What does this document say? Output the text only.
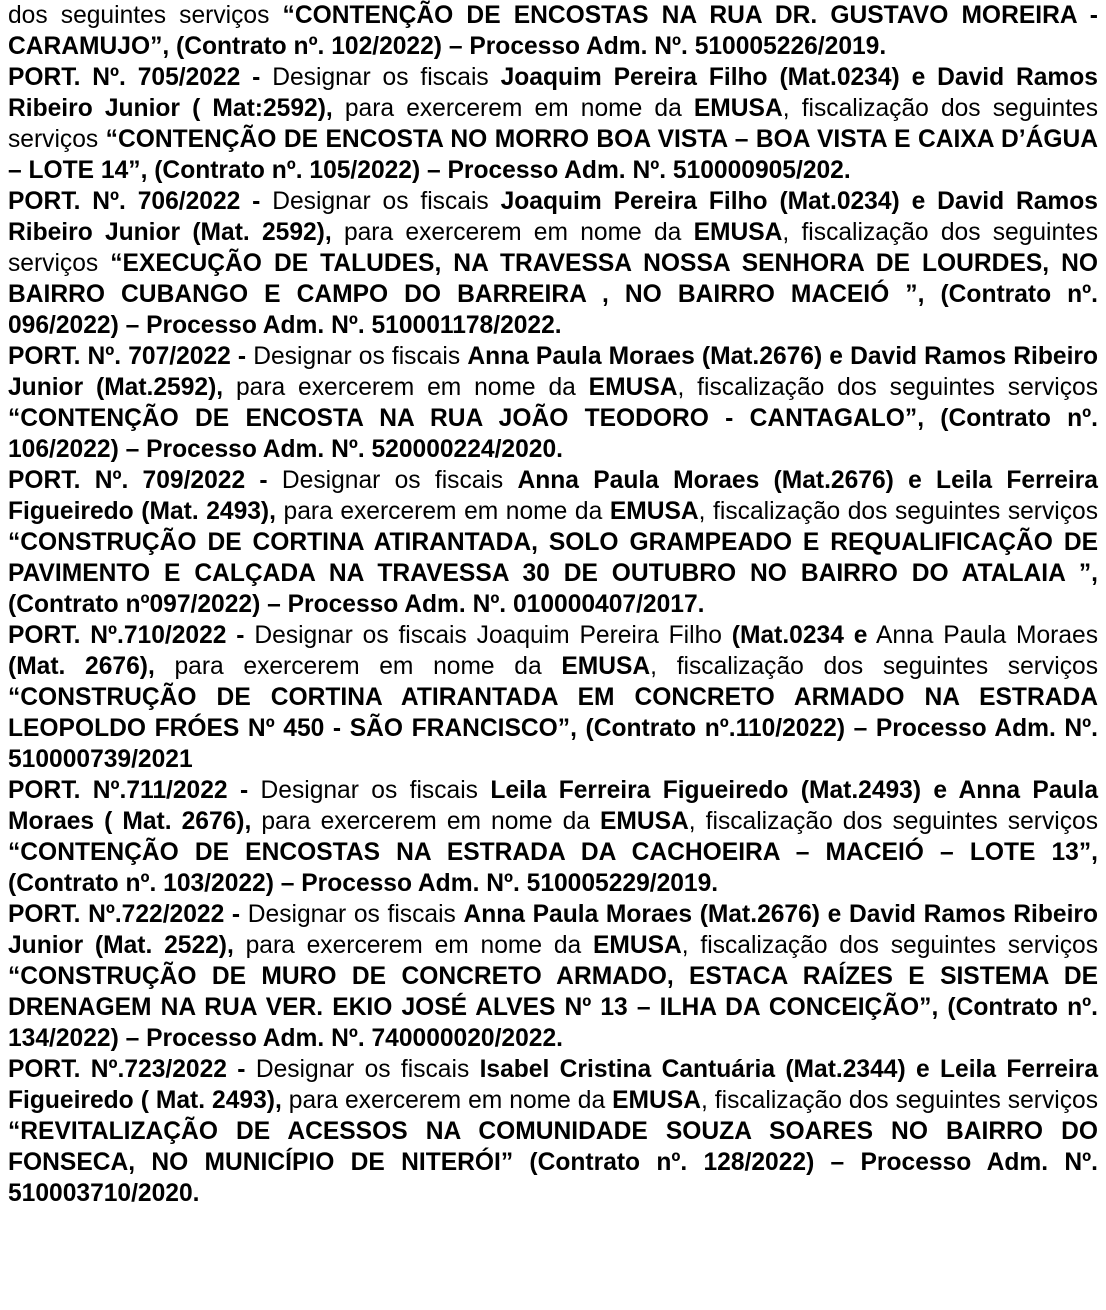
dos seguintes serviços “CONTENÇÃO DE ENCOSTAS NA RUA DR. GUSTAVO MOREIRA - CARAMUJO”, (Contrato nº. 102/2022) – Processo Adm. Nº. 510005226/2019.

PORT. Nº. 705/2022 - Designar os fiscais Joaquim Pereira Filho (Mat.0234) e David Ramos Ribeiro Junior ( Mat:2592), para exercerem em nome da EMUSA, fiscalização dos seguintes serviços “CONTENÇÃO DE ENCOSTA NO MORRO BOA VISTA – BOA VISTA E CAIXA D’ÁGUA – LOTE 14”, (Contrato nº. 105/2022) – Processo Adm. Nº. 510000905/202.

PORT. Nº. 706/2022 - Designar os fiscais Joaquim Pereira Filho (Mat.0234) e David Ramos Ribeiro Junior (Mat. 2592), para exercerem em nome da EMUSA, fiscalização dos seguintes serviços “EXECUÇÃO DE TALUDES, NA TRAVESSA NOSSA SENHORA DE LOURDES, NO BAIRRO CUBANGO E CAMPO DO BARREIRA , NO BAIRRO MACEIÓ ”, (Contrato nº. 096/2022) – Processo Adm. Nº. 510001178/2022.

PORT. Nº. 707/2022 - Designar os fiscais Anna Paula Moraes (Mat.2676) e David Ramos Ribeiro Junior (Mat.2592), para exercerem em nome da EMUSA, fiscalização dos seguintes serviços “CONTENÇÃO DE ENCOSTA NA RUA JOÃO TEODORO - CANTAGALO”, (Contrato nº. 106/2022) – Processo Adm. Nº. 520000224/2020.

PORT. Nº. 709/2022 - Designar os fiscais Anna Paula Moraes (Mat.2676) e Leila Ferreira Figueiredo (Mat. 2493), para exercerem em nome da EMUSA, fiscalização dos seguintes serviços “CONSTRUÇÃO DE CORTINA ATIRANTADA, SOLO GRAMPEADO E REQUALIFICAÇÃO DE PAVIMENTO E CALÇADA NA TRAVESSA 30 DE OUTUBRO NO BAIRRO DO ATALAIA ”, (Contrato nº097/2022) – Processo Adm. Nº. 010000407/2017.

PORT. Nº.710/2022 - Designar os fiscais Joaquim Pereira Filho (Mat.0234 e Anna Paula Moraes (Mat. 2676), para exercerem em nome da EMUSA, fiscalização dos seguintes serviços “CONSTRUÇÃO DE CORTINA ATIRANTADA EM CONCRETO ARMADO NA ESTRADA LEOPOLDO FRÓES Nº 450 - SÃO FRANCISCO”, (Contrato nº.110/2022) – Processo Adm. Nº. 510000739/2021

PORT. Nº.711/2022 - Designar os fiscais Leila Ferreira Figueiredo (Mat.2493) e Anna Paula Moraes ( Mat. 2676), para exercerem em nome da EMUSA, fiscalização dos seguintes serviços “CONTENÇÃO DE ENCOSTAS NA ESTRADA DA CACHOEIRA – MACEIÓ – LOTE 13”, (Contrato nº. 103/2022) – Processo Adm. Nº. 510005229/2019.

PORT. Nº.722/2022 - Designar os fiscais Anna Paula Moraes (Mat.2676) e David Ramos Ribeiro Junior (Mat. 2522), para exercerem em nome da EMUSA, fiscalização dos seguintes serviços “CONSTRUÇÃO DE MURO DE CONCRETO ARMADO, ESTACA RAÍZES E SISTEMA DE DRENAGEM NA RUA VER. EKIO JOSÉ ALVES Nº 13 – ILHA DA CONCEIÇÃO”, (Contrato nº. 134/2022) – Processo Adm. Nº. 740000020/2022.

PORT. Nº.723/2022 - Designar os fiscais Isabel Cristina Cantuária (Mat.2344) e Leila Ferreira Figueiredo ( Mat. 2493), para exercerem em nome da EMUSA, fiscalização dos seguintes serviços “REVITALIZAÇÃO DE ACESSOS NA COMUNIDADE SOUZA SOARES NO BAIRRO DO FONSECA, NO MUNICÍPIO DE NITERÓI” (Contrato nº. 128/2022) – Processo Adm. Nº. 510003710/2020.
